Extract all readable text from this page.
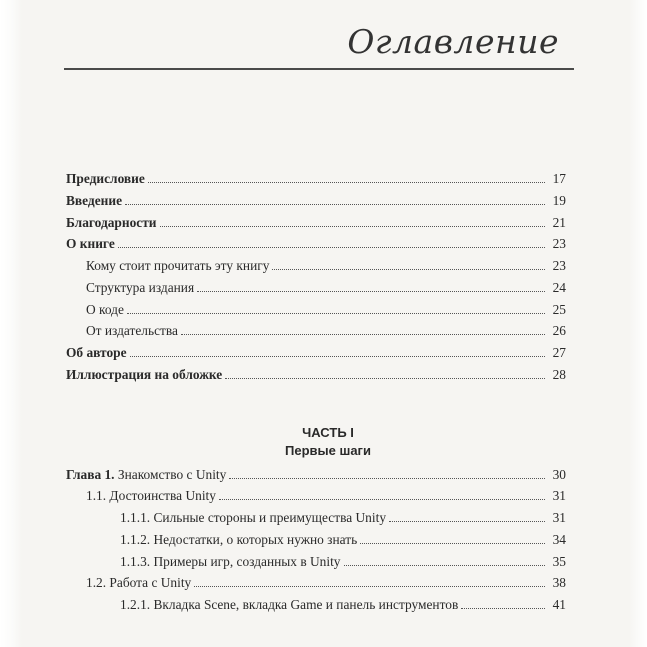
Оглавление
Предисловие	17
Введение	19
Благодарности	21
О книге	23
Кому стоит прочитать эту книгу	23
Структура издания	24
О коде	25
От издательства	26
Об авторе	27
Иллюстрация на обложке	28
ЧАСТЬ I
Первые шаги
Глава 1. Знакомство с Unity	30
1.1. Достоинства Unity	31
1.1.1. Сильные стороны и преимущества Unity	31
1.1.2. Недостатки, о которых нужно знать	34
1.1.3. Примеры игр, созданных в Unity	35
1.2. Работа с Unity	38
1.2.1. Вкладка Scene, вкладка Game и панель инструментов	41
